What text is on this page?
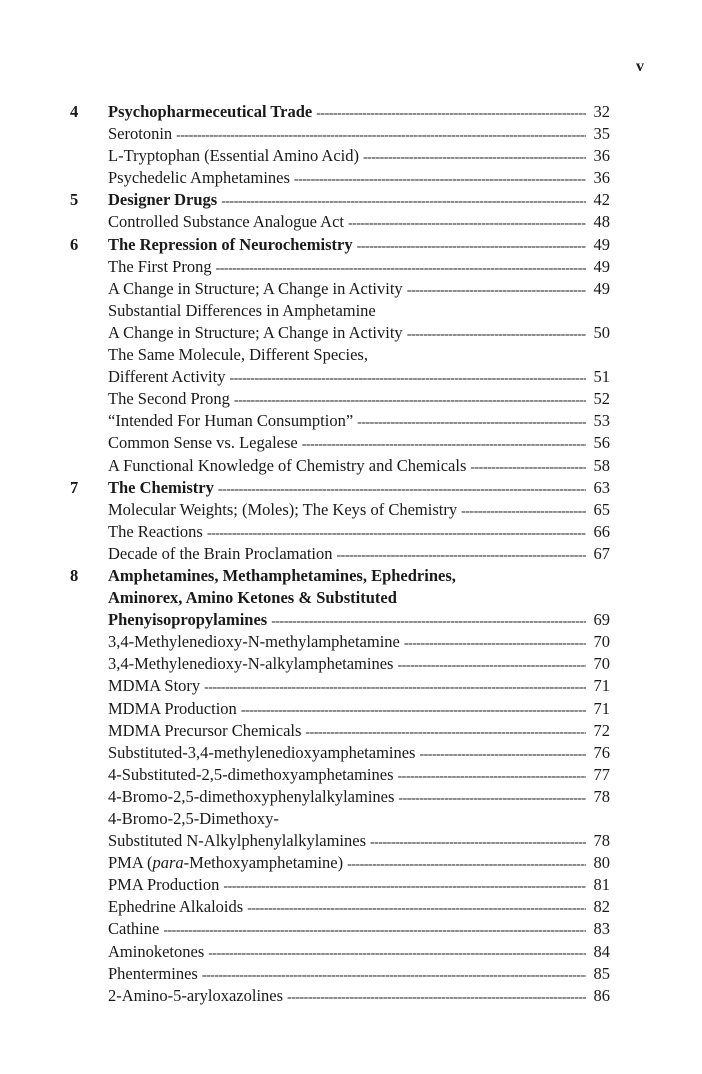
v
4	Psychopharmeceutical Trade -----	32
Serotonin -----	35
L-Tryptophan (Essential Amino Acid) -----	36
Psychedelic Amphetamines -----	36
5	Designer Drugs -----	42
Controlled Substance Analogue Act -----	48
6	The Repression of Neurochemistry -----	49
The First Prong -----	49
A Change in Structure; A Change in Activity -----	49
Substantial Differences in Amphetamine
A Change in Structure; A Change in Activity -----	50
The Same Molecule, Different Species,
Different Activity -----	51
The Second Prong -----	52
“Intended For Human Consumption” -----	53
Common Sense vs. Legalese -----	56
A Functional Knowledge of Chemistry and Chemicals -----	58
7	The Chemistry -----	63
Molecular Weights; (Moles); The Keys of Chemistry -----	65
The Reactions -----	66
Decade of the Brain Proclamation -----	67
8	Amphetamines, Methamphetamines, Ephedrines,
Aminorex, Amino Ketones & Substituted
Phenyisopropylamines -----	69
3,4-Methylenedioxy-N-methylamphetamine -----	70
3,4-Methylenedioxy-N-alkylamphetamines -----	70
MDMA Story -----	71
MDMA Production -----	71
MDMA Precursor Chemicals -----	72
Substituted-3,4-methylenedioxyamphetamines -----	76
4-Substituted-2,5-dimethoxyamphetamines -----	77
4-Bromo-2,5-dimethoxyphenylalkylamines -----	78
4-Bromo-2,5-Dimethoxy-
Substituted N-Alkylphenylalkylamines -----	78
PMA (para-Methoxyamphetamine) -----	80
PMA Production -----	81
Ephedrine Alkaloids -----	82
Cathine -----	83
Aminoketones -----	84
Phentermines -----	85
2-Amino-5-aryloxazolines -----	86
